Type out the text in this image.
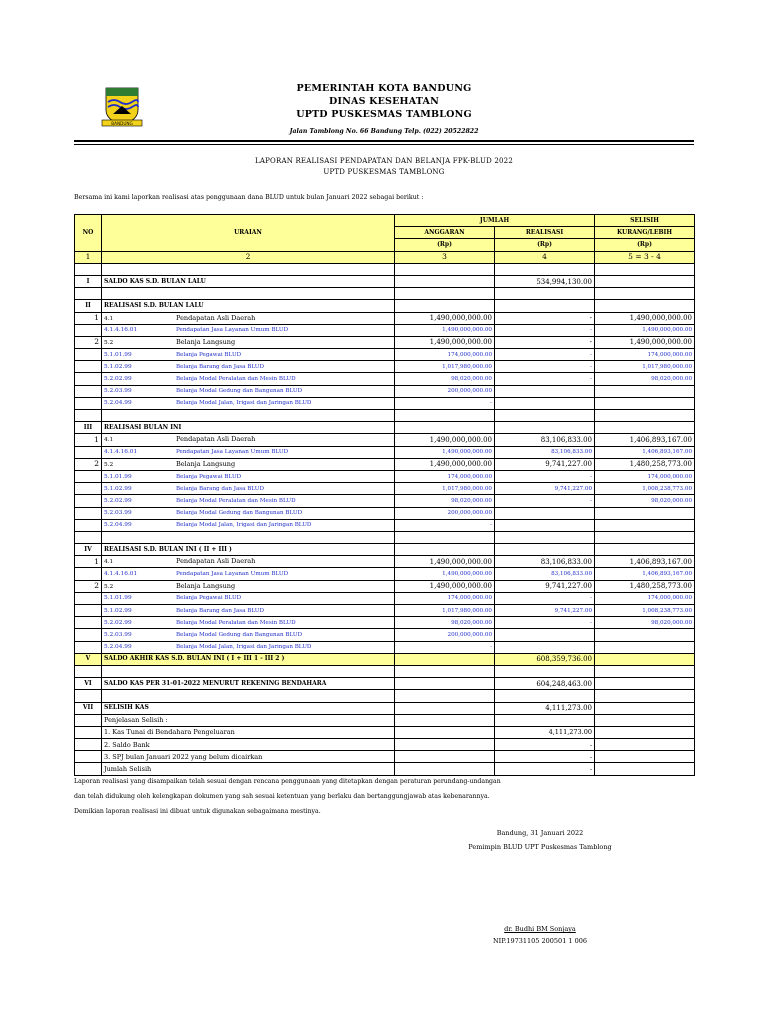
BANDUNG
PEMERINTAH KOTA BANDUNG
DINAS KESEHATAN
UPTD PUSKESMAS TAMBLONG
Jalan Tamblong No. 66 Bandung Telp. (022) 20522822
LAPORAN REALISASI PENDAPATAN DAN BELANJA FPK-BLUD 2022
UPTD PUSKESMAS TAMBLONG
Bersama ini kami laporkan realisasi atas penggunaan dana BLUD untuk bulan Januari 2022 sebagai berikut :
NO	URAIAN	JUMLAH		SELISIH
		ANGGARAN	REALISASI	KURANG/LEBIH
		(Rp)	(Rp)	(Rp)
1	2	3	4	5 = 3 - 4

I	SALDO KAS S.D. BULAN LALU		534,994,130.00	

II	REALISASI S.D. BULAN LALU			
1	4.1 Pendapatan Asli Daerah	1,490,000,000.00	-	1,490,000,000.00
	4.1.4.16.01 Pendapatan Jasa Layanan Umum BLUD	1,490,000,000.00	-	1,490,000,000.00
2	5.2 Belanja Langsung	1,490,000,000.00	-	1,490,000,000.00
	5.1.01.99 Belanja Pegawai BLUD	174,000,000.00	-	174,000,000.00
	5.1.02.99 Belanja Barang dan Jasa BLUD	1,017,980,000.00	-	1,017,980,000.00
	5.2.02.99 Belanja Modal Peralatan dan Mesin BLUD	98,020,000.00	-	98,020,000.00
	5.2.03.99 Belanja Modal Gedung dan Bangunan BLUD	200,000,000.00		
	5.2.04.99 Belanja Modal Jalan, Irigasi dan Jaringan BLUD	-		

III	REALISASI BULAN INI			
1	4.1 Pendapatan Asli Daerah	1,490,000,000.00	83,106,833.00	1,406,893,167.00
	4.1.4.16.01 Pendapatan Jasa Layanan Umum BLUD	1,490,000,000.00	83,106,833.00	1,406,893,167.00
2	5.2 Belanja Langsung	1,490,000,000.00	9,741,227.00	1,480,258,773.00
	5.1.01.99 Belanja Pegawai BLUD	174,000,000.00	-	174,000,000.00
	5.1.02.99 Belanja Barang dan Jasa BLUD	1,017,980,000.00	9,741,227.00	1,008,238,773.00
	5.2.02.99 Belanja Modal Peralatan dan Mesin BLUD	98,020,000.00	-	98,020,000.00
	5.2.03.99 Belanja Modal Gedung dan Bangunan BLUD	200,000,000.00		
	5.2.04.99 Belanja Modal Jalan, Irigasi dan Jaringan BLUD	-		

IV	REALISASI S.D. BULAN INI ( II + III )			
1	4.1 Pendapatan Asli Daerah	1,490,000,000.00	83,106,833.00	1,406,893,167.00
	4.1.4.16.01 Pendapatan Jasa Layanan Umum BLUD	1,490,000,000.00	83,106,833.00	1,406,893,167.00
2	5.2 Belanja Langsung	1,490,000,000.00	9,741,227.00	1,480,258,773.00
	5.1.01.99 Belanja Pegawai BLUD	174,000,000.00	-	174,000,000.00
	5.1.02.99 Belanja Barang dan Jasa BLUD	1,017,980,000.00	9,741,227.00	1,008,238,773.00
	5.2.02.99 Belanja Modal Peralatan dan Mesin BLUD	98,020,000.00	-	98,020,000.00
	5.2.03.99 Belanja Modal Gedung dan Bangunan BLUD	200,000,000.00		
	5.2.04.99 Belanja Modal Jalan, Irigasi dan Jaringan BLUD	-		
V	SALDO AKHIR KAS S.D. BULAN INI ( I + III 1 - III 2 )		608,359,736.00	

VI	SALDO KAS PER 31-01-2022 MENURUT REKENING BENDAHARA		604,248,463.00	

VII	SELISIH KAS		4,111,273.00	
	Penjelasan Selisih :			
	1. Kas Tunai di Bendahara Pengeluaran		4,111,273.00	
	2. Saldo Bank		-	
	3. SPJ bulan Januari 2022 yang belum dicairkan		-	
	Jumlah Selisih		-	
Laporan realisasi yang disampaikan telah sesuai dengan rencana penggunaan yang ditetapkan dengan peraturan perundang-undangan
dan telah didukung oleh kelengkapan dokumen yang sah sesuai ketentuan yang berlaku dan bertanggungjawab atas kebenarannya.
Demikian laporan realisasi ini dibuat untuk digunakan sebagaimana mestinya.
Bandung, 31 Januari 2022
Pemimpin BLUD UPT Puskesmas Tamblong
dr. Budhi BM Sonjaya
NIP.19731105 200501 1 006
